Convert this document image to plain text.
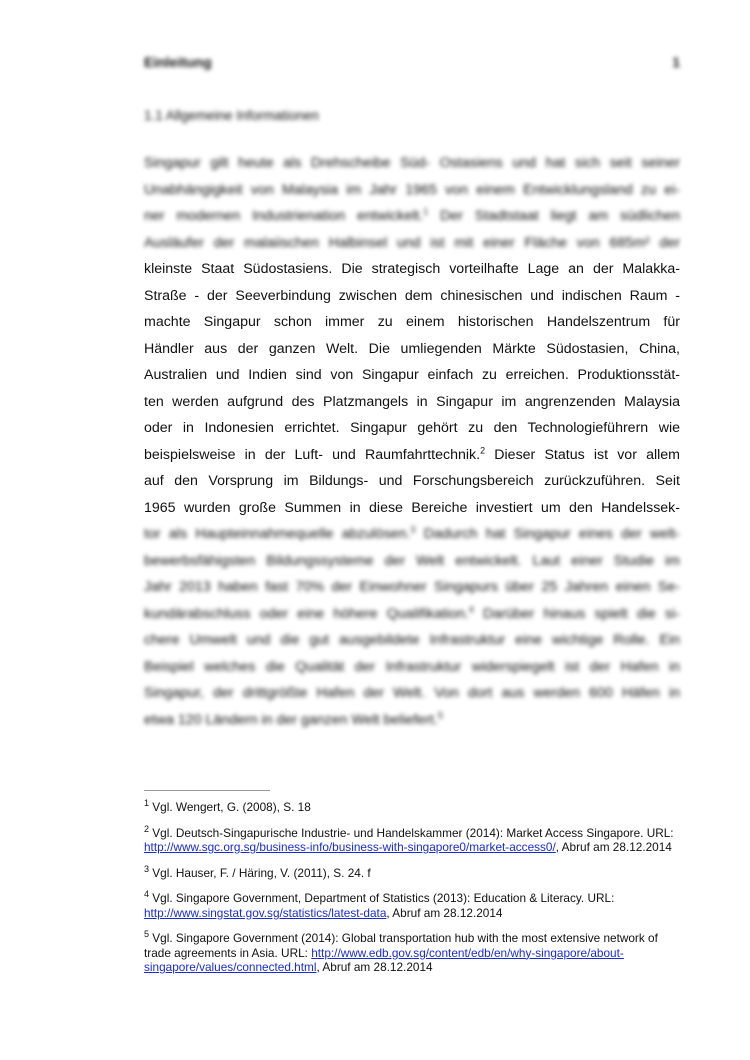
Einleitung	1
1.1 Allgemeine Informationen
Singapur gilt heute als Drehscheibe Süd- Ostasiens und hat sich seit seiner
Unabhängigkeit von Malaysia im Jahr 1965 von einem Entwicklungsland zu ei-
ner modernen Industrienation entwickelt.$^1$ Der Stadtstaat liegt am südlichen
Ausläufer der malaiischen Halbinsel und ist mit einer Fläche von 685m² der
kleinste Staat Südostasiens. Die strategisch vorteilhafte Lage an der Malakka-
Straße - der Seeverbindung zwischen dem chinesischen und indischen Raum -
machte Singapur schon immer zu einem historischen Handelszentrum für
Händler aus der ganzen Welt. Die umliegenden Märkte Südostasien, China,
Australien und Indien sind von Singapur einfach zu erreichen. Produktionsstät-
ten werden aufgrund des Platzmangels in Singapur im angrenzenden Malaysia
oder in Indonesien errichtet. Singapur gehört zu den Technologieführern wie
beispielsweise in der Luft- und Raumfahrttechnik.$^2$ Dieser Status ist vor allem
auf den Vorsprung im Bildungs- und Forschungsbereich zurückzuführen. Seit
1965 wurden große Summen in diese Bereiche investiert um den Handelssek-
tor als Haupteinnahmequelle abzulösen.$^3$ Dadurch hat Singapur eines der welt-
bewerbsfähigsten Bildungssysteme der Welt entwickelt. Laut einer Studie im
Jahr 2013 haben fast 70% der Einwohner Singapurs über 25 Jahren einen Se-
kundärabschluss oder eine höhere Qualifikation.$^4$ Darüber hinaus spielt die si-
chere Umwelt und die gut ausgebildete Infrastruktur eine wichtige Rolle. Ein
Beispiel welches die Qualität der Infrastruktur widerspiegelt ist der Hafen in
Singapur, der drittgrößte Hafen der Welt. Von dort aus werden 600 Häfen in
etwa 120 Ländern in der ganzen Welt beliefert.$^5$
$^1$ Vgl. Wengert, G. (2008), S. 18
$^2$ Vgl. Deutsch-Singapurische Industrie- und Handelskammer (2014): Market Access Singapore. URL: http://www.sgc.org.sg/business-info/business-with-singapore0/market-access0/, Abruf am 28.12.2014
$^3$ Vgl. Hauser, F. / Häring, V. (2011), S. 24. f
$^4$ Vgl. Singapore Government, Department of Statistics (2013): Education & Literacy. URL: http://www.singstat.gov.sg/statistics/latest-data, Abruf am 28.12.2014
$^5$ Vgl. Singapore Government (2014): Global transportation hub with the most extensive network of trade agreements in Asia. URL: http://www.edb.gov.sg/content/edb/en/why-singapore/about-singapore/values/connected.html, Abruf am 28.12.2014
